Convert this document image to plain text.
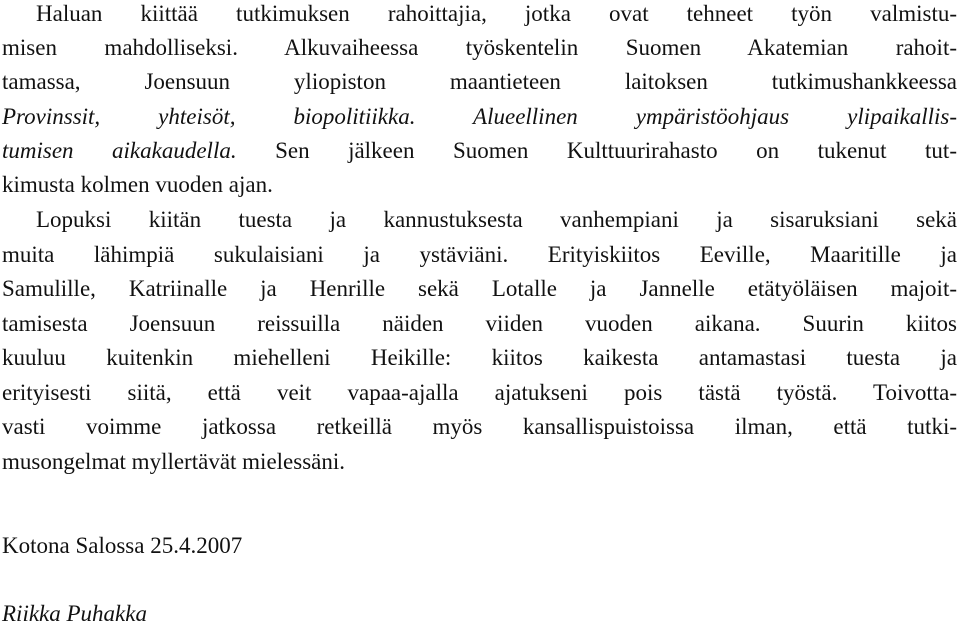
Haluan kiittää tutkimuksen rahoittajia, jotka ovat tehneet työn valmistu-
misen mahdolliseksi. Alkuvaiheessa työskentelin Suomen Akatemian rahoit-
tamassa, Joensuun yliopiston maantieteen laitoksen tutkimushankkeessa
Provinssit, yhteisöt, biopolitiikka. Alueellinen ympäristöohjaus ylipaikallis-
tumisen aikakaudella. Sen jälkeen Suomen Kulttuurirahasto on tukenut tut-
kimusta kolmen vuoden ajan.
Lopuksi kiitän tuesta ja kannustuksesta vanhempiani ja sisaruksiani sekä
muita lähimpiä sukulaisiani ja ystäviäni. Erityiskiitos Eeville, Maaritille ja
Samulille, Katriinalle ja Henrille sekä Lotalle ja Jannelle etätyöläisen majoit-
tamisesta Joensuun reissuilla näiden viiden vuoden aikana. Suurin kiitos
kuuluu kuitenkin miehelleni Heikille: kiitos kaikesta antamastasi tuesta ja
erityisesti siitä, että veit vapaa-ajalla ajatukseni pois tästä työstä. Toivotta-
vasti voimme jatkossa retkeillä myös kansallispuistoissa ilman, että tutki-
musongelmat myllertävät mielessäni.
Kotona Salossa 25.4.2007
Riikka Puhakka
